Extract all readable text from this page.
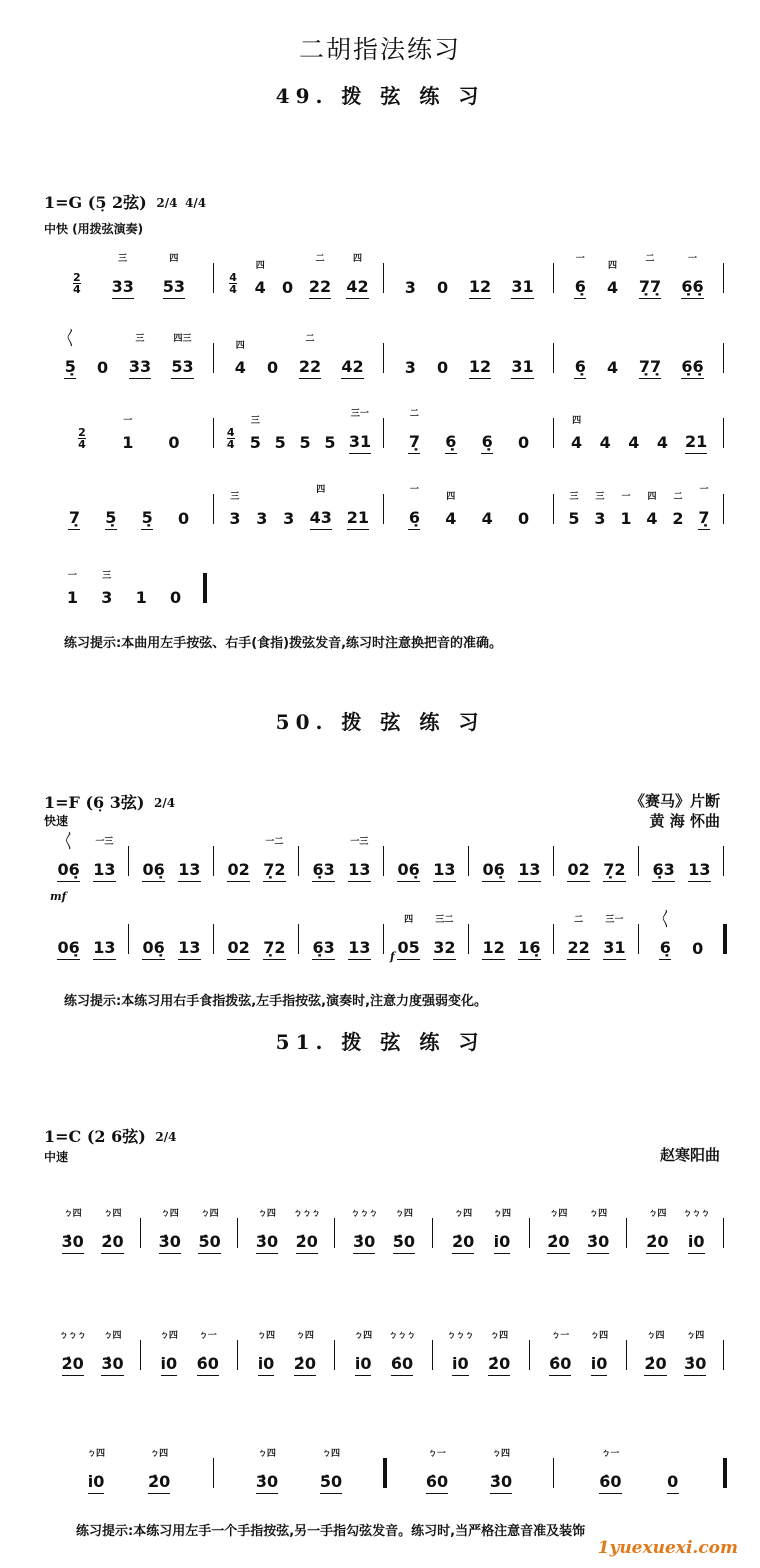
二胡指法练习
49. 拨 弦 练 习
1=G (5̣ 2弦) 2/4
4/4
中快 (用拨弦演奏)
2
4 33
三
53
四
4
4 4
四
0 22
二
42
四
3 0 12 31	6̣
一
4
四
7̣7̣
二
6̣6̣
一
5̣
〳〵
0 33
三
53
四三
4
四
0 22
二
42	3 0 12 31	6̣ 4 7̣7̣ 6̣6̣
2
4 1
一
0
4
4 5
三
5 5 5 31
三一
7̣
二
6̣ 6̣ 0	4
四
4 4 4 21
7̣ 5̣ 5̣ 0	3
三
3 3 43
四
21 6̣
一
4
四
4 0 5
三
3
三
1
一
4
四
2
二
7̣
一
1
一
3
三
1 0
练习提示:本曲用左手按弦、右手(食指)拨弦发音,练习时注意换把音的准确。
50. 拨 弦 练 习
1=F (6̣ 3弦) 2/4
快速
《赛马》片断
黄 海 怀曲
06̣
〳〵
13
一三
06̣ 13 02 7̣2
一二
6̣3 13
一三
06̣ 13 06̣ 13 02 7̣2 6̣3 13
mf
06̣ 13 06̣ 13 02 7̣2 6̣3 13 05
四
32
三二
12 16̣ 22
二
31
三一
6̣
〳〵
0
f
练习提示:本练习用右手食指拨弦,左手指按弦,演奏时,注意力度强弱变化。
51. 拨 弦 练 习
1=C (2 6弦) 2/4
中速	赵寒阳曲
3̇0
ㄅ四
2̇0
ㄅ四
3̇0
ㄅ四
5̇0
ㄅ四
3̇0
ㄅ四
2̇0
ㄅㄅㄅ
3̇0
ㄅㄅㄅ
5̇0
ㄅ四
2̇0
ㄅ四
i0
ㄅ四
2̇0
ㄅ四
3̇0
ㄅ四
2̇0
ㄅ四
i0
ㄅㄅㄅ
2̇0
ㄅㄅㄅ
3̇0
ㄅ四
i0
ㄅ四
6̇0
ㄅ一
i0
ㄅ四
2̇0
ㄅ四
i0
ㄅ四
6̇0
ㄅㄅㄅ
i0
ㄅㄅㄅ
2̇0
ㄅ四
6̇0
ㄅ一
i0
ㄅ四
2̇0
ㄅ四
3̇0
ㄅ四
i0
ㄅ四
2̇0
ㄅ四
3̇0
ㄅ四
5̇0
ㄅ四
6̇0
ㄅ一
3̇0
ㄅ四
6̇0
ㄅ一
0
练习提示:本练习用左手一个手指按弦,另一手指勾弦发音。练习时,当严格注意音准及装饰
1yuexuexi.com
